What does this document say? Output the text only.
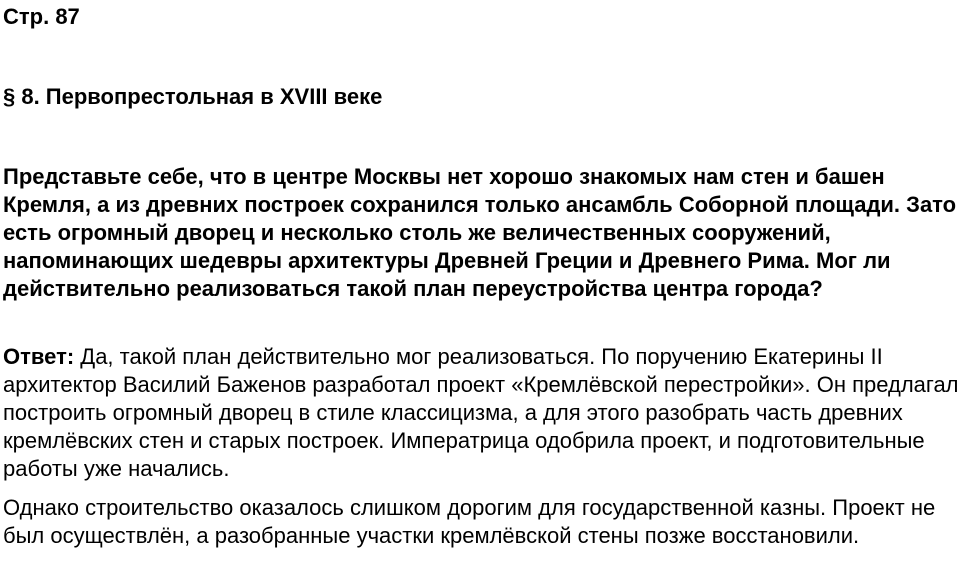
Стр. 87
§ 8. Первопрестольная в XVIII веке

Представьте себе, что в центре Москвы нет хорошо знакомых нам стен и башен Кремля, а из древних построек сохранился только ансамбль Соборной площади. Зато есть огромный дворец и несколько столь же величественных сооружений, напоминающих шедевры архитектуры Древней Греции и Древнего Рима. Мог ли действительно реализоваться такой план переустройства центра города?

Ответ: Да, такой план действительно мог реализоваться. По поручению Екатерины II архитектор Василий Баженов разработал проект «Кремлёвской перестройки». Он предлагал построить огромный дворец в стиле классицизма, а для этого разобрать часть древних кремлёвских стен и старых построек. Императрица одобрила проект, и подготовительные работы уже начались.

Однако строительство оказалось слишком дорогим для государственной казны. Проект не был осуществлён, а разобранные участки кремлёвской стены позже восстановили.
